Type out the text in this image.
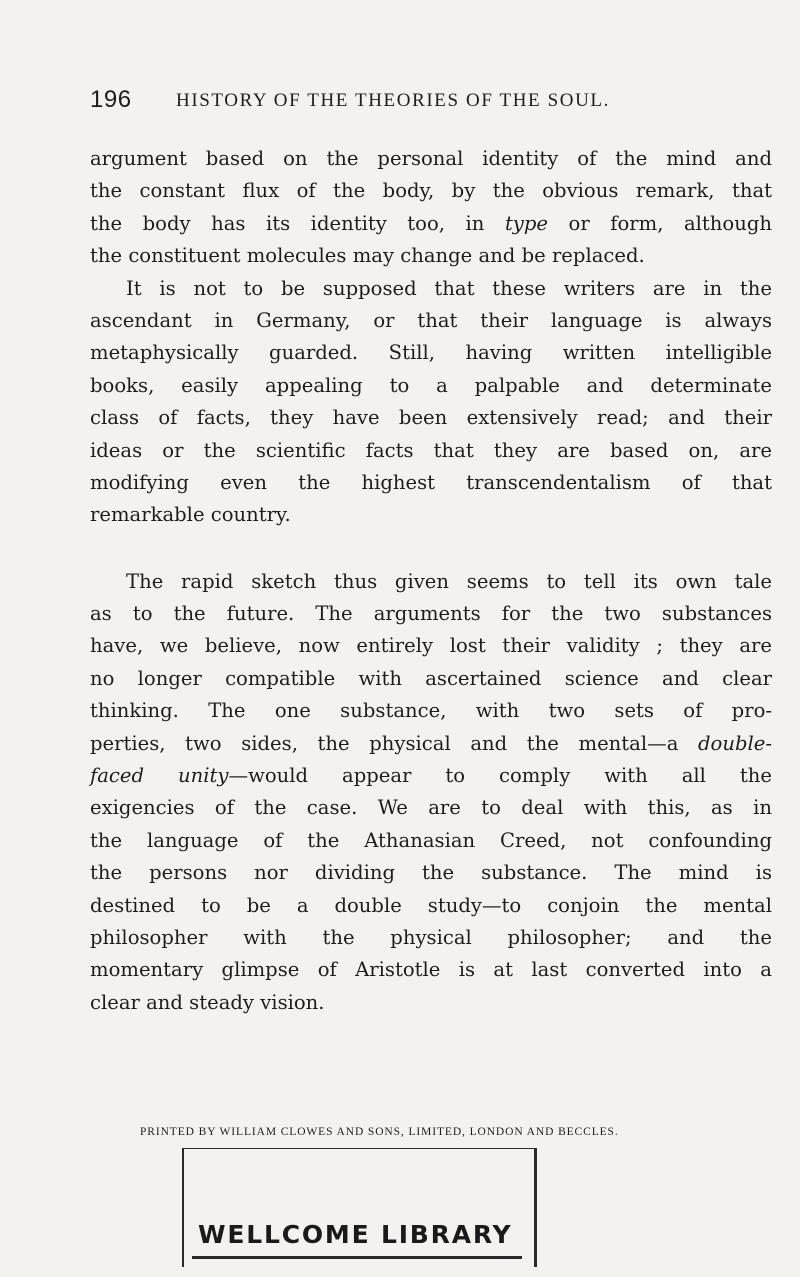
196 HISTORY OF THE THEORIES OF THE SOUL.
argument based on the personal identity of the mind and
the constant flux of the body, by the obvious remark, that
the body has its identity too, in type or form, although
the constituent molecules may change and be replaced.
It is not to be supposed that these writers are in the
ascendant in Germany, or that their language is always
metaphysically guarded. Still, having written intelligible
books, easily appealing to a palpable and determinate
class of facts, they have been extensively read; and their
ideas or the scientific facts that they are based on, are
modifying even the highest transcendentalism of that
remarkable country.
The rapid sketch thus given seems to tell its own tale
as to the future. The arguments for the two substances
have, we believe, now entirely lost their validity ; they are
no longer compatible with ascertained science and clear
thinking. The one substance, with two sets of pro-
perties, two sides, the physical and the mental—a double-
faced unity—would appear to comply with all the
exigencies of the case. We are to deal with this, as in
the language of the Athanasian Creed, not confounding
the persons nor dividing the substance. The mind is
destined to be a double study—to conjoin the mental
philosopher with the physical philosopher; and the
momentary glimpse of Aristotle is at last converted into a
clear and steady vision.
PRINTED BY WILLIAM CLOWES AND SONS, LIMITED, LONDON AND BECCLES.
WELLCOME LIBRARY
